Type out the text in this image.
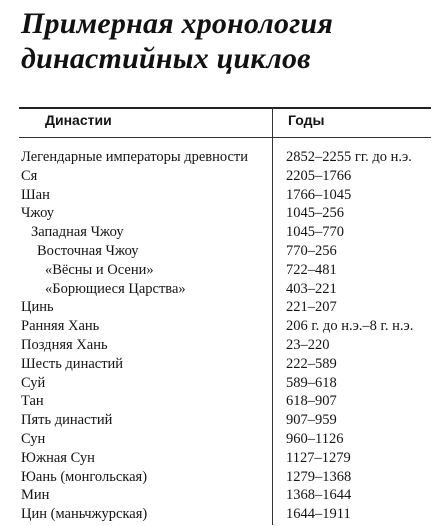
Примерная хронология
династийных циклов
Династии	Годы
Легендарные императоры древности	2852–2255 гг. до н.э.
Ся	2205–1766
Шан	1766–1045
Чжоу	1045–256
Западная Чжоу	1045–770
Восточная Чжоу	770–256
«Вёсны и Осени»	722–481
«Борющиеся Царства»	403–221
Цинь	221–207
Ранняя Хань	206 г. до н.э.–8 г. н.э.
Поздняя Хань	23–220
Шесть династий	222–589
Суй	589–618
Тан	618–907
Пять династий	907–959
Сун	960–1126
Южная Сун	1127–1279
Юань (монгольская)	1279–1368
Мин	1368–1644
Цин (маньчжурская)	1644–1911
